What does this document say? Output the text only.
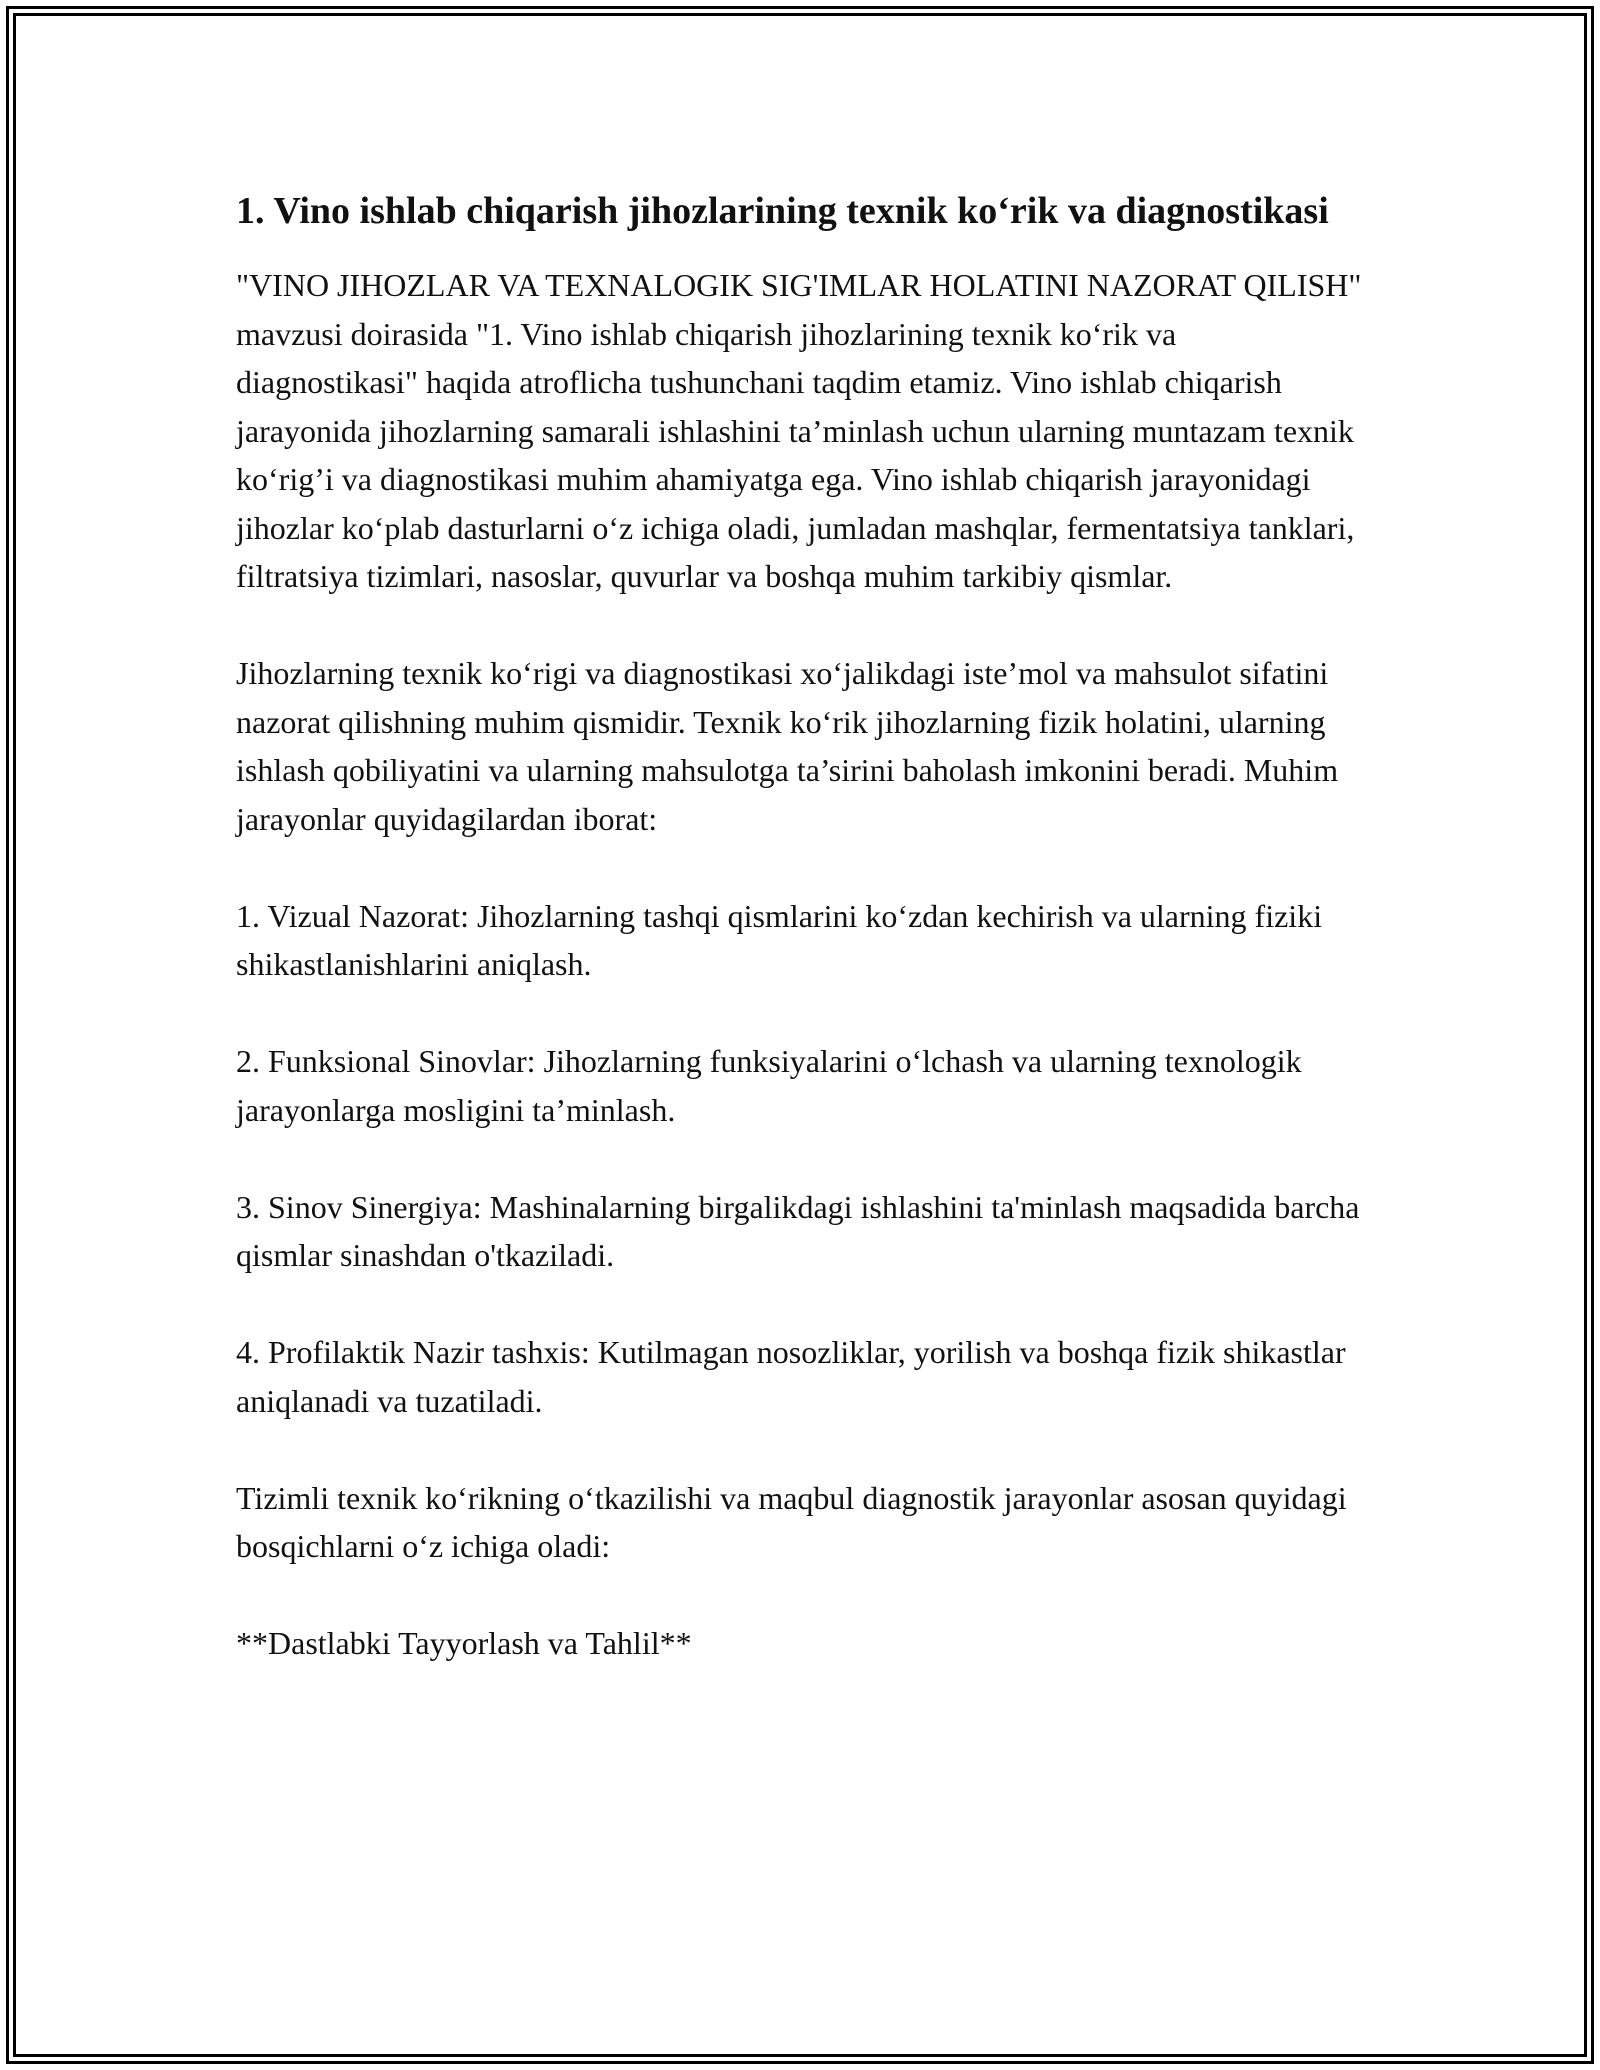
1. Vino ishlab chiqarish jihozlarining texnik ko‘rik va diagnostikasi

"VINO JIHOZLAR VA TEXNALOGIK SIG'IMLAR HOLATINI NAZORAT QILISH" mavzusi doirasida "1. Vino ishlab chiqarish jihozlarining texnik ko‘rik va diagnostikasi" haqida atroflicha tushunchani taqdim etamiz. Vino ishlab chiqarish jarayonida jihozlarning samarali ishlashini ta’minlash uchun ularning muntazam texnik ko‘rig’i va diagnostikasi muhim ahamiyatga ega. Vino ishlab chiqarish jarayonidagi jihozlar ko‘plab dasturlarni o‘z ichiga oladi, jumladan mashqlar, fermentatsiya tanklari, filtratsiya tizimlari, nasoslar, quvurlar va boshqa muhim tarkibiy qismlar.

Jihozlarning texnik ko‘rigi va diagnostikasi xo‘jalikdagi iste’mol va mahsulot sifatini nazorat qilishning muhim qismidir. Texnik ko‘rik jihozlarning fizik holatini, ularning ishlash qobiliyatini va ularning mahsulotga ta’sirini baholash imkonini beradi. Muhim jarayonlar quyidagilardan iborat:

1. Vizual Nazorat: Jihozlarning tashqi qismlarini ko‘zdan kechirish va ularning fiziki shikastlanishlarini aniqlash.

2. Funksional Sinovlar: Jihozlarning funksiyalarini o‘lchash va ularning texnologik jarayonlarga mosligini ta’minlash.

3. Sinov Sinergiya: Mashinalarning birgalikdagi ishlashini ta'minlash maqsadida barcha qismlar sinashdan o'tkaziladi.

4. Profilaktik Nazir tashxis: Kutilmagan nosozliklar, yorilish va boshqa fizik shikastlar aniqlanadi va tuzatiladi.

Tizimli texnik ko‘rikning o‘tkazilishi va maqbul diagnostik jarayonlar asosan quyidagi bosqichlarni o‘z ichiga oladi:

**Dastlabki Tayyorlash va Tahlil**
